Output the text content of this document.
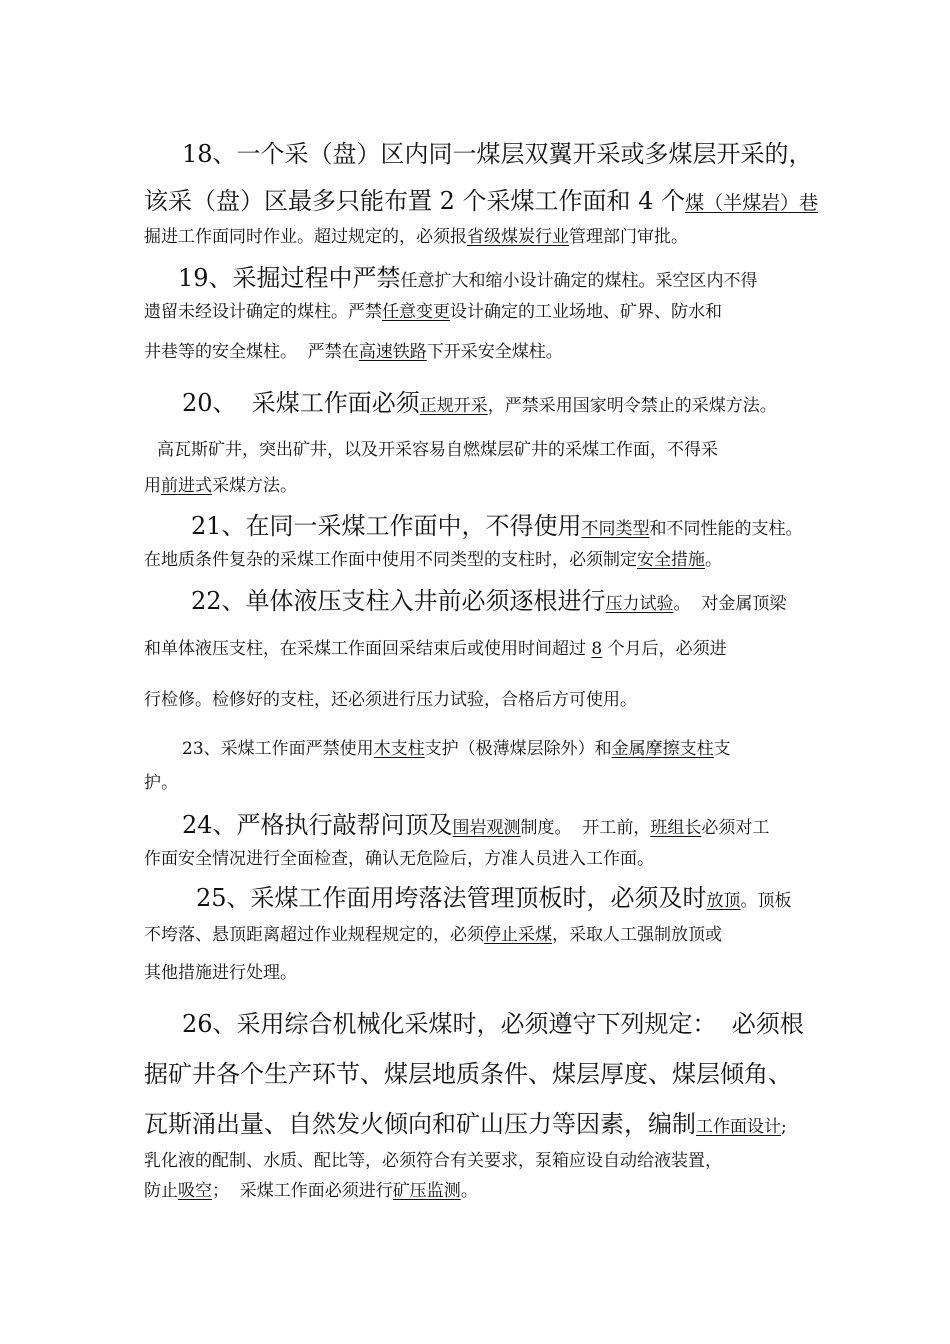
18、一个采（盘）区内同一煤层双翼开采或多煤层开采的，
该采（盘）区最多只能布置 2 个采煤工作面和 4 个煤（半煤岩）巷
掘进工作面同时作业。超过规定的，必须报省级煤炭行业管理部门审批。
19、采掘过程中严禁任意扩大和缩小设计确定的煤柱。采空区内不得
遗留未经设计确定的煤柱。严禁任意变更设计确定的工业场地、矿界、防水和
井巷等的安全煤柱。  严禁在高速铁路下开采安全煤柱。
20、  采煤工作面必须正规开采，严禁采用国家明令禁止的采煤方法。
高瓦斯矿井，突出矿井，以及开采容易自燃煤层矿井的采煤工作面，不得采
用前进式采煤方法。
21、在同一采煤工作面中，不得使用不同类型和不同性能的支柱。
在地质条件复杂的采煤工作面中使用不同类型的支柱时，必须制定安全措施。
22、单体液压支柱入井前必须逐根进行压力试验。  对金属顶梁
和单体液压支柱，在采煤工作面回采结束后或使用时间超过 8 个月后，必须进
行检修。检修好的支柱，还必须进行压力试验，合格后方可使用。
23、采煤工作面严禁使用木支柱支护（极薄煤层除外）和金属摩擦支柱支
护。
24、严格执行敲帮问顶及围岩观测制度。  开工前，班组长必须对工
作面安全情况进行全面检查，确认无危险后，方准人员进入工作面。
25、采煤工作面用垮落法管理顶板时，必须及时放顶。顶板
不垮落、悬顶距离超过作业规程规定的，必须停止采煤，采取人工强制放顶或
其他措施进行处理。
26、采用综合机械化采煤时，必须遵守下列规定：  必须根
据矿井各个生产环节、煤层地质条件、煤层厚度、煤层倾角、
瓦斯涌出量、自然发火倾向和矿山压力等因素，编制工作面设计;
乳化液的配制、水质、配比等，必须符合有关要求，泵箱应设自动给液装置，
防止吸空；  采煤工作面必须进行矿压监测。
